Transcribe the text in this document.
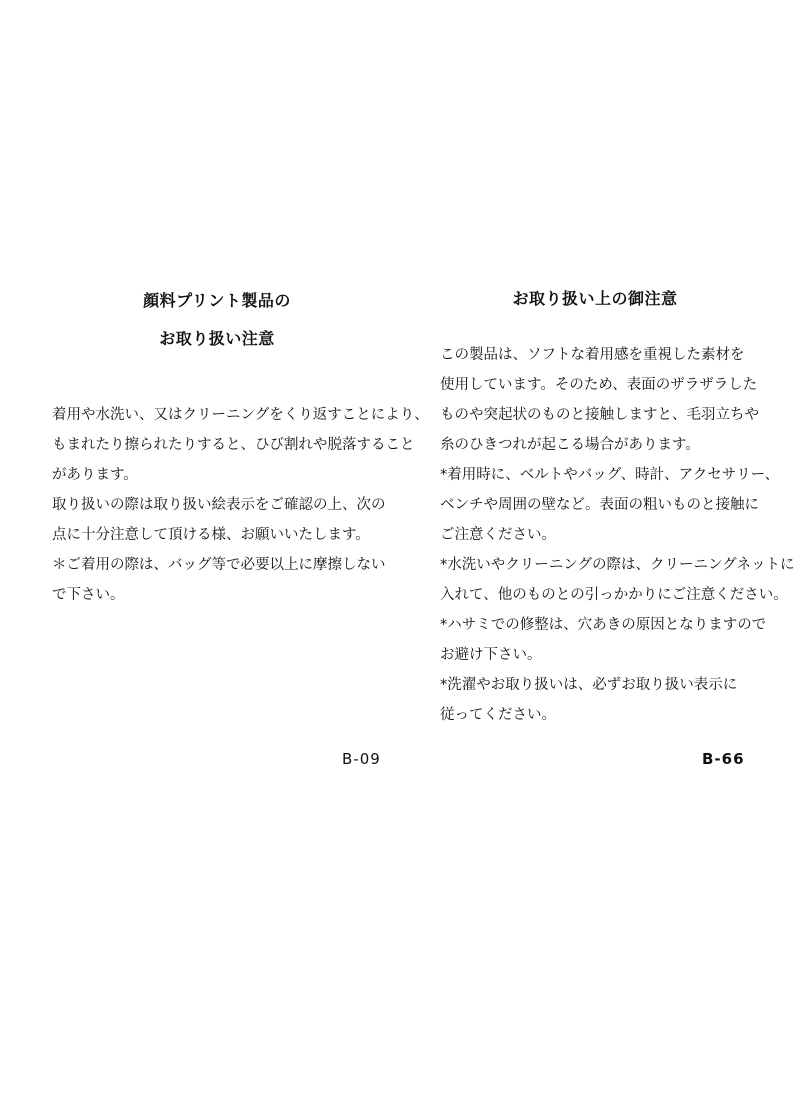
顔料プリント製品の
お取り扱い注意
着用や水洗い、又はクリーニングをくり返すことにより、
もまれたり擦られたりすると、ひび割れや脱落すること
があります。
取り扱いの際は取り扱い絵表示をご確認の上、次の
点に十分注意して頂ける様、お願いいたします。
＊ご着用の際は、バッグ等で必要以上に摩擦しない
で下さい。
B-09
お取り扱い上の御注意
この製品は、ソフトな着用感を重視した素材を
使用しています。そのため、表面のザラザラした
ものや突起状のものと接触しますと、毛羽立ちや
糸のひきつれが起こる場合があります。
*着用時に、ベルトやバッグ、時計、アクセサリー、
ベンチや周囲の壁など。表面の粗いものと接触に
ご注意ください。
*水洗いやクリーニングの際は、クリーニングネットに
入れて、他のものとの引っかかりにご注意ください。
*ハサミでの修整は、穴あきの原因となりますので
お避け下さい。
*洗濯やお取り扱いは、必ずお取り扱い表示に
従ってください。
B-66
